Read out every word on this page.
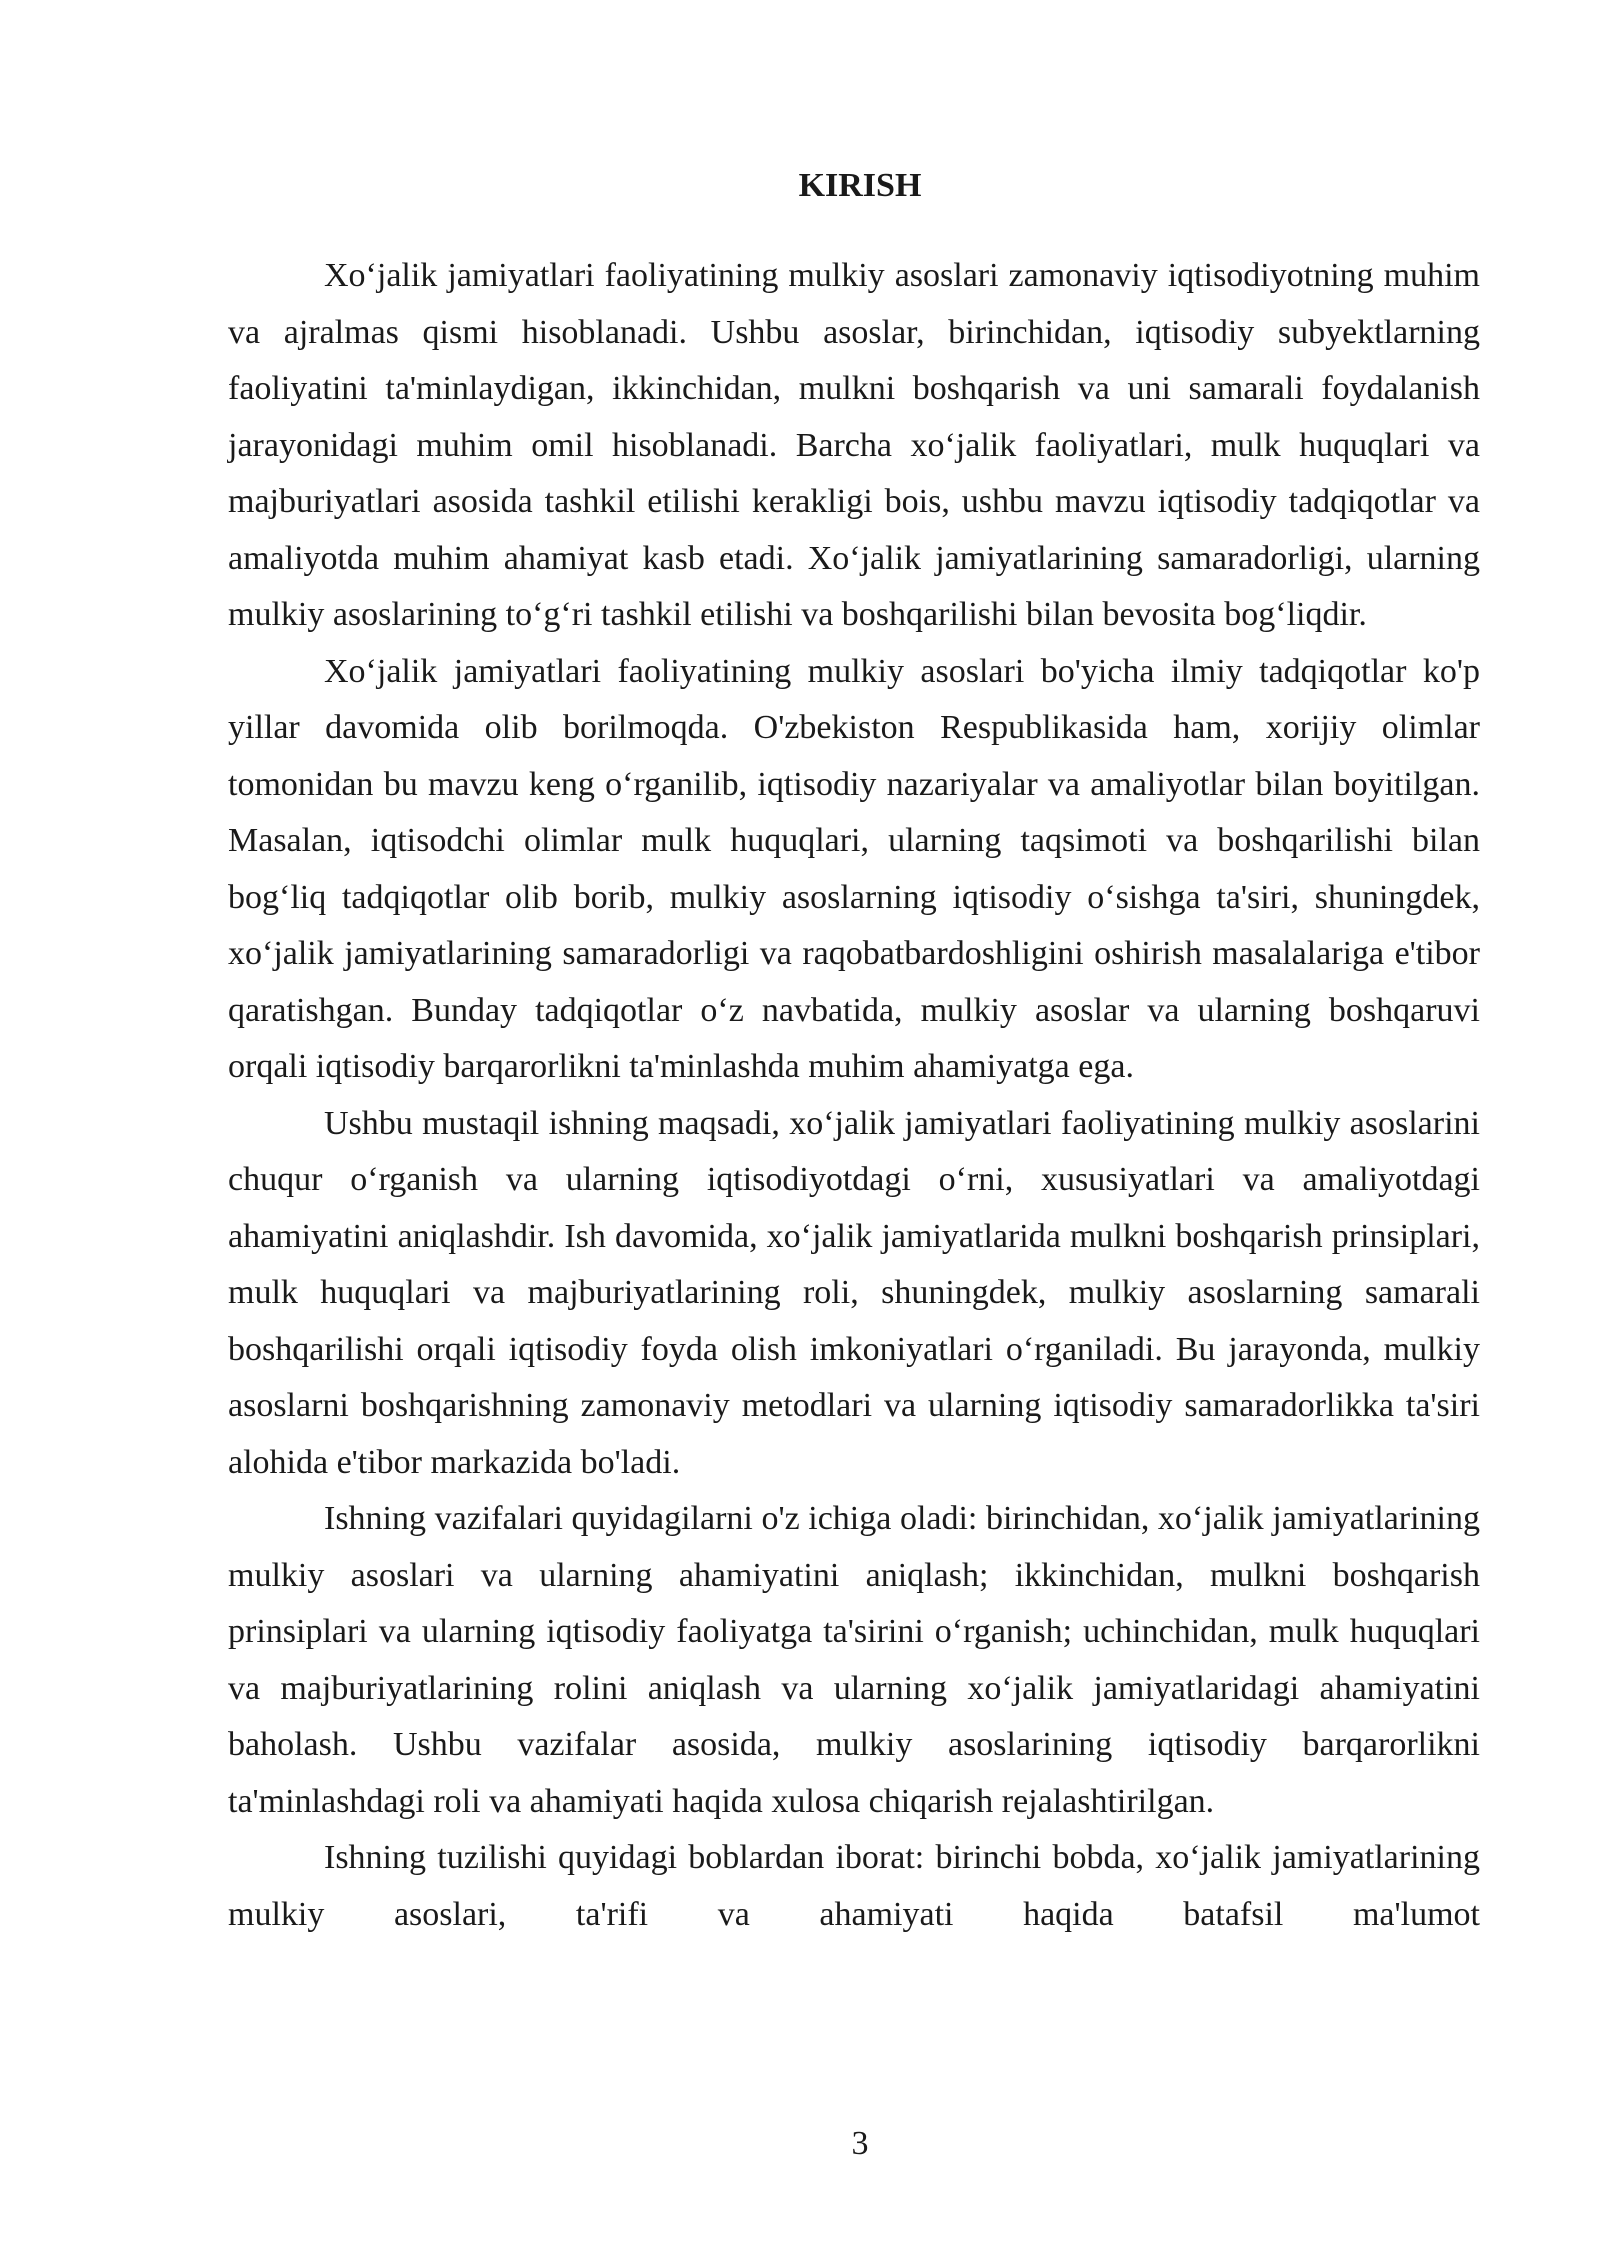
KIRISH

Xo‘jalik jamiyatlari faoliyatining mulkiy asoslari zamonaviy iqtisodiyotning muhim va ajralmas qismi hisoblanadi. Ushbu asoslar, birinchidan, iqtisodiy subyektlarning faoliyatini ta'minlaydigan, ikkinchidan, mulkni boshqarish va uni samarali foydalanish jarayonidagi muhim omil hisoblanadi. Barcha xo‘jalik faoliyatlari, mulk huquqlari va majburiyatlari asosida tashkil etilishi kerakligi bois, ushbu mavzu iqtisodiy tadqiqotlar va amaliyotda muhim ahamiyat kasb etadi. Xo‘jalik jamiyatlarining samaradorligi, ularning mulkiy asoslarining to‘g‘ri tashkil etilishi va boshqarilishi bilan bevosita bog‘liqdir.

Xo‘jalik jamiyatlari faoliyatining mulkiy asoslari bo'yicha ilmiy tadqiqotlar ko'p yillar davomida olib borilmoqda. O'zbekiston Respublikasida ham, xorijiy olimlar tomonidan bu mavzu keng o‘rganilib, iqtisodiy nazariyalar va amaliyotlar bilan boyitilgan. Masalan, iqtisodchi olimlar mulk huquqlari, ularning taqsimoti va boshqarilishi bilan bog‘liq tadqiqotlar olib borib, mulkiy asoslarning iqtisodiy o‘sishga ta'siri, shuningdek, xo‘jalik jamiyatlarining samaradorligi va raqobatbardoshligini oshirish masalalariga e'tibor qaratishgan. Bunday tadqiqotlar o‘z navbatida, mulkiy asoslar va ularning boshqaruvi orqali iqtisodiy barqarorlikni ta'minlashda muhim ahamiyatga ega.

Ushbu mustaqil ishning maqsadi, xo‘jalik jamiyatlari faoliyatining mulkiy asoslarini chuqur o‘rganish va ularning iqtisodiyotdagi o‘rni, xususiyatlari va amaliyotdagi ahamiyatini aniqlashdir. Ish davomida, xo‘jalik jamiyatlarida mulkni boshqarish prinsiplari, mulk huquqlari va majburiyatlarining roli, shuningdek, mulkiy asoslarning samarali boshqarilishi orqali iqtisodiy foyda olish imkoniyatlari o‘rganiladi. Bu jarayonda, mulkiy asoslarni boshqarishning zamonaviy metodlari va ularning iqtisodiy samaradorlikka ta'siri alohida e'tibor markazida bo'ladi.

Ishning vazifalari quyidagilarni o'z ichiga oladi: birinchidan, xo‘jalik jamiyatlarining mulkiy asoslari va ularning ahamiyatini aniqlash; ikkinchidan, mulkni boshqarish prinsiplari va ularning iqtisodiy faoliyatga ta'sirini o‘rganish; uchinchidan, mulk huquqlari va majburiyatlarining rolini aniqlash va ularning xo‘jalik jamiyatlaridagi ahamiyatini baholash. Ushbu vazifalar asosida, mulkiy asoslarining iqtisodiy barqarorlikni ta'minlashdagi roli va ahamiyati haqida xulosa chiqarish rejalashtirilgan.

Ishning tuzilishi quyidagi boblardan iborat: birinchi bobda, xo‘jalik jamiyatlarining mulkiy asoslari, ta'rifi va ahamiyati haqida batafsil ma'lumot

3
